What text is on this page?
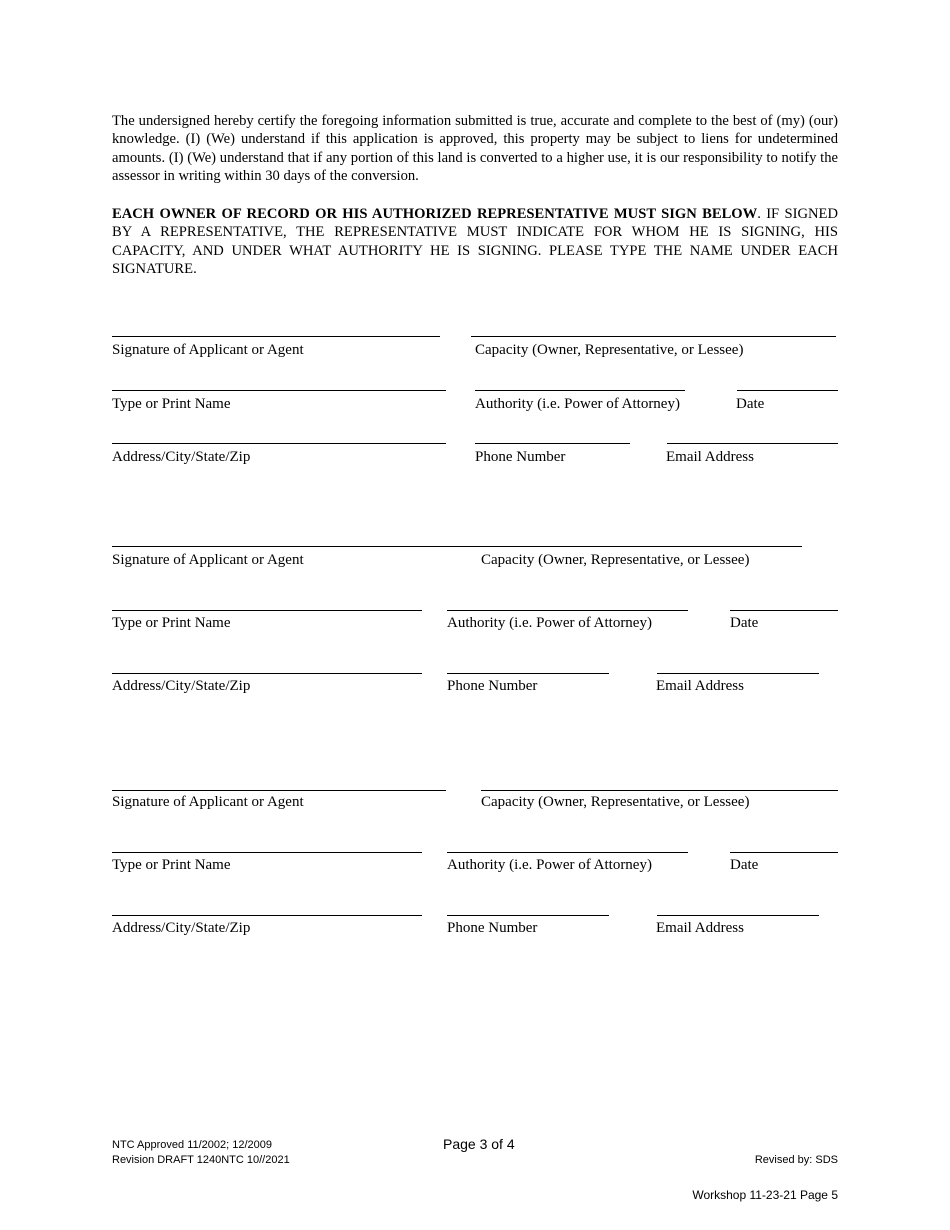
The undersigned hereby certify the foregoing information submitted is true, accurate and complete to the best of (my) (our) knowledge. (I) (We) understand if this application is approved, this property may be subject to liens for undetermined amounts. (I) (We) understand that if any portion of this land is converted to a higher use, it is our responsibility to notify the assessor in writing within 30 days of the conversion.

EACH OWNER OF RECORD OR HIS AUTHORIZED REPRESENTATIVE MUST SIGN BELOW. IF SIGNED BY A REPRESENTATIVE, THE REPRESENTATIVE MUST INDICATE FOR WHOM HE IS SIGNING, HIS CAPACITY, AND UNDER WHAT AUTHORITY HE IS SIGNING. PLEASE TYPE THE NAME UNDER EACH SIGNATURE.

Signature of Applicant or Agent	Capacity (Owner, Representative, or Lessee)
Type or Print Name	Authority (i.e. Power of Attorney)	Date
Address/City/State/Zip	Phone Number	Email Address
Signature of Applicant or Agent	Capacity (Owner, Representative, or Lessee)
Type or Print Name	Authority (i.e. Power of Attorney)	Date
Address/City/State/Zip	Phone Number	Email Address
Signature of Applicant or Agent	Capacity (Owner, Representative, or Lessee)
Type or Print Name	Authority (i.e. Power of Attorney)	Date
Address/City/State/Zip	Phone Number	Email Address
NTC Approved 11/2002; 12/2009
Revision DRAFT 1240NTC 10//2021
Page 3 of 4
Revised by: SDS
Workshop 11-23-21 Page 5
